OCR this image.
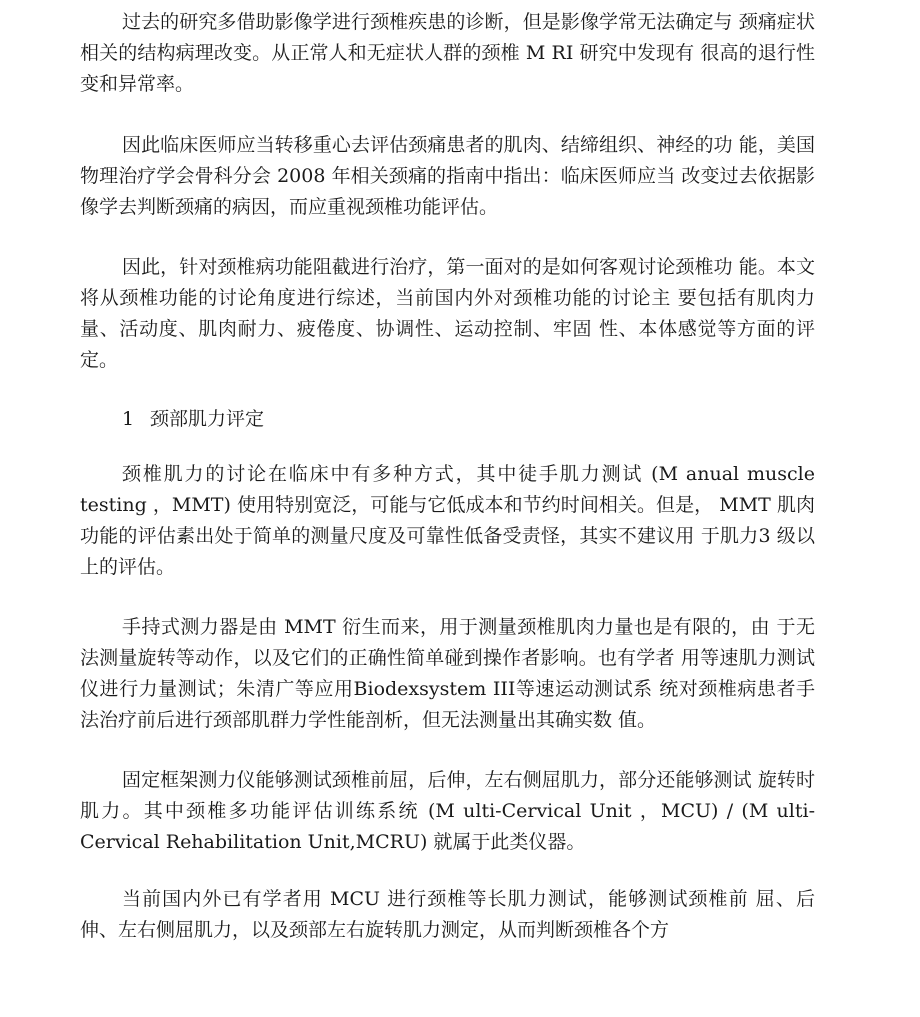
过去的研究多借助影像学进行颈椎疾患的诊断，但是影像学常无法确定与 颈痛症状相关的结构病理改变。从正常人和无症状人群的颈椎 M RI 研究中发现有 很高的退行性变和异常率。

因此临床医师应当转移重心去评估颈痛患者的肌肉、结缔组织、神经的功 能，美国物理治疗学会骨科分会 2008 年相关颈痛的指南中指出：临床医师应当 改变过去依据影像学去判断颈痛的病因，而应重视颈椎功能评估。

因此，针对颈椎病功能阻截进行治疗，第一面对的是如何客观讨论颈椎功 能。本文将从颈椎功能的讨论角度进行综述，当前国内外对颈椎功能的讨论主 要包括有肌肉力量、活动度、肌肉耐力、疲倦度、协调性、运动控制、牢固 性、本体感觉等方面的评定。

1 颈部肌力评定

颈椎肌力的讨论在临床中有多种方式，其中徒手肌力测试 (M anual muscle testing ，MMT) 使用特别宽泛，可能与它低成本和节约时间相关。但是， MMT 肌肉功能的评估素出处于简单的测量尺度及可靠性低备受责怪，其实不建议用 于肌力3 级以上的评估。

手持式测力器是由 MMT 衍生而来，用于测量颈椎肌肉力量也是有限的，由 于无法测量旋转等动作，以及它们的正确性简单碰到操作者影响。也有学者 用等速肌力测试仪进行力量测试；朱清广等应用Biodexsystem III等速运动测试系 统对颈椎病患者手法治疗前后进行颈部肌群力学性能剖析，但无法测量出其确实数 值。

固定框架测力仪能够测试颈椎前屈，后伸，左右侧屈肌力，部分还能够测试 旋转时肌力。其中颈椎多功能评估训练系统 (M ulti-Cervical Unit ，MCU) / (M ulti-Cervical Rehabilitation Unit,MCRU) 就属于此类仪器。

当前国内外已有学者用 MCU 进行颈椎等长肌力测试，能够测试颈椎前 屈、后伸、左右侧屈肌力，以及颈部左右旋转肌力测定，从而判断颈椎各个方
